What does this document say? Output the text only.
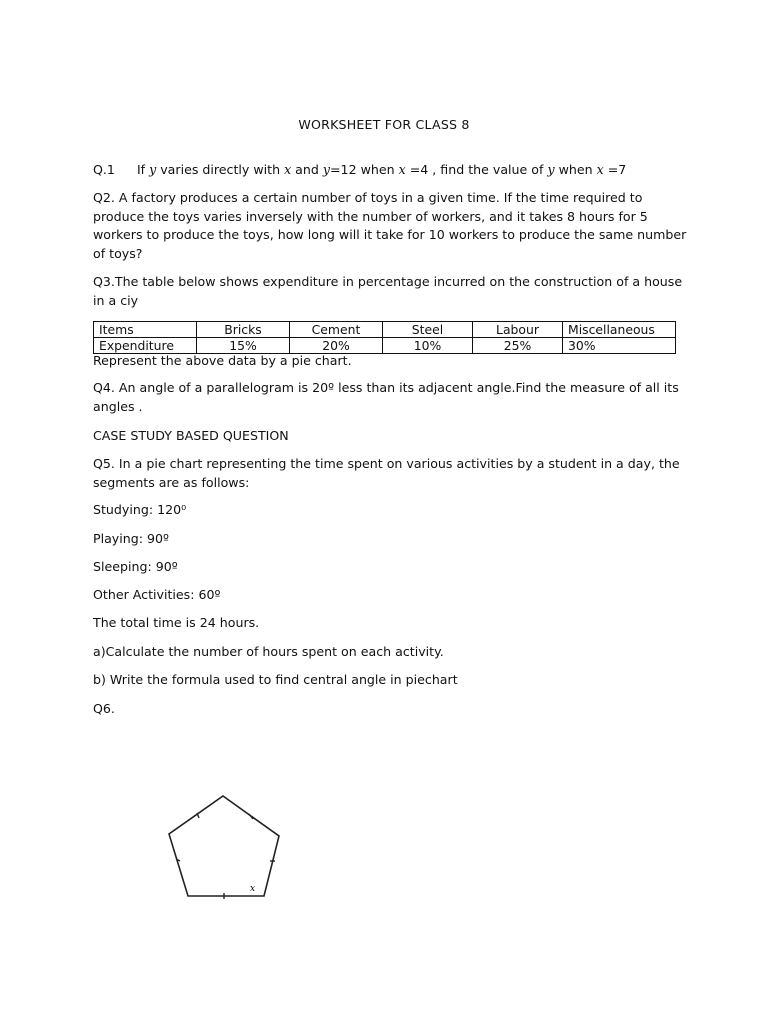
WORKSHEET FOR CLASS 8
Q.1 If y varies directly with x and y=12 when x =4 , find the value of y when x =7
Q2. A factory produces a certain number of toys in a given time. If the time required to
produce the toys varies inversely with the number of workers, and it takes 8 hours for 5
workers to produce the toys, how long will it take for 10 workers to produce the same number
of toys?
Q3.The table below shows expenditure in percentage incurred on the construction of a house
in a ciy
Items	Bricks	Cement	Steel	Labour	Miscellaneous
Expenditure	15%	20%	10%	25%	30%
Represent the above data by a pie chart.
Q4. An angle of a parallelogram is 20º less than its adjacent angle.Find the measure of all its
angles .
CASE STUDY BASED QUESTION
Q5. In a pie chart representing the time spent on various activities by a student in a day, the
segments are as follows:
Studying: 120⁰
Playing: 90º
Sleeping: 90º
Other Activities: 60º
The total time is 24 hours.
a)Calculate the number of hours spent on each activity.
b) Write the formula used to find central angle in piechart
Q6.
x
